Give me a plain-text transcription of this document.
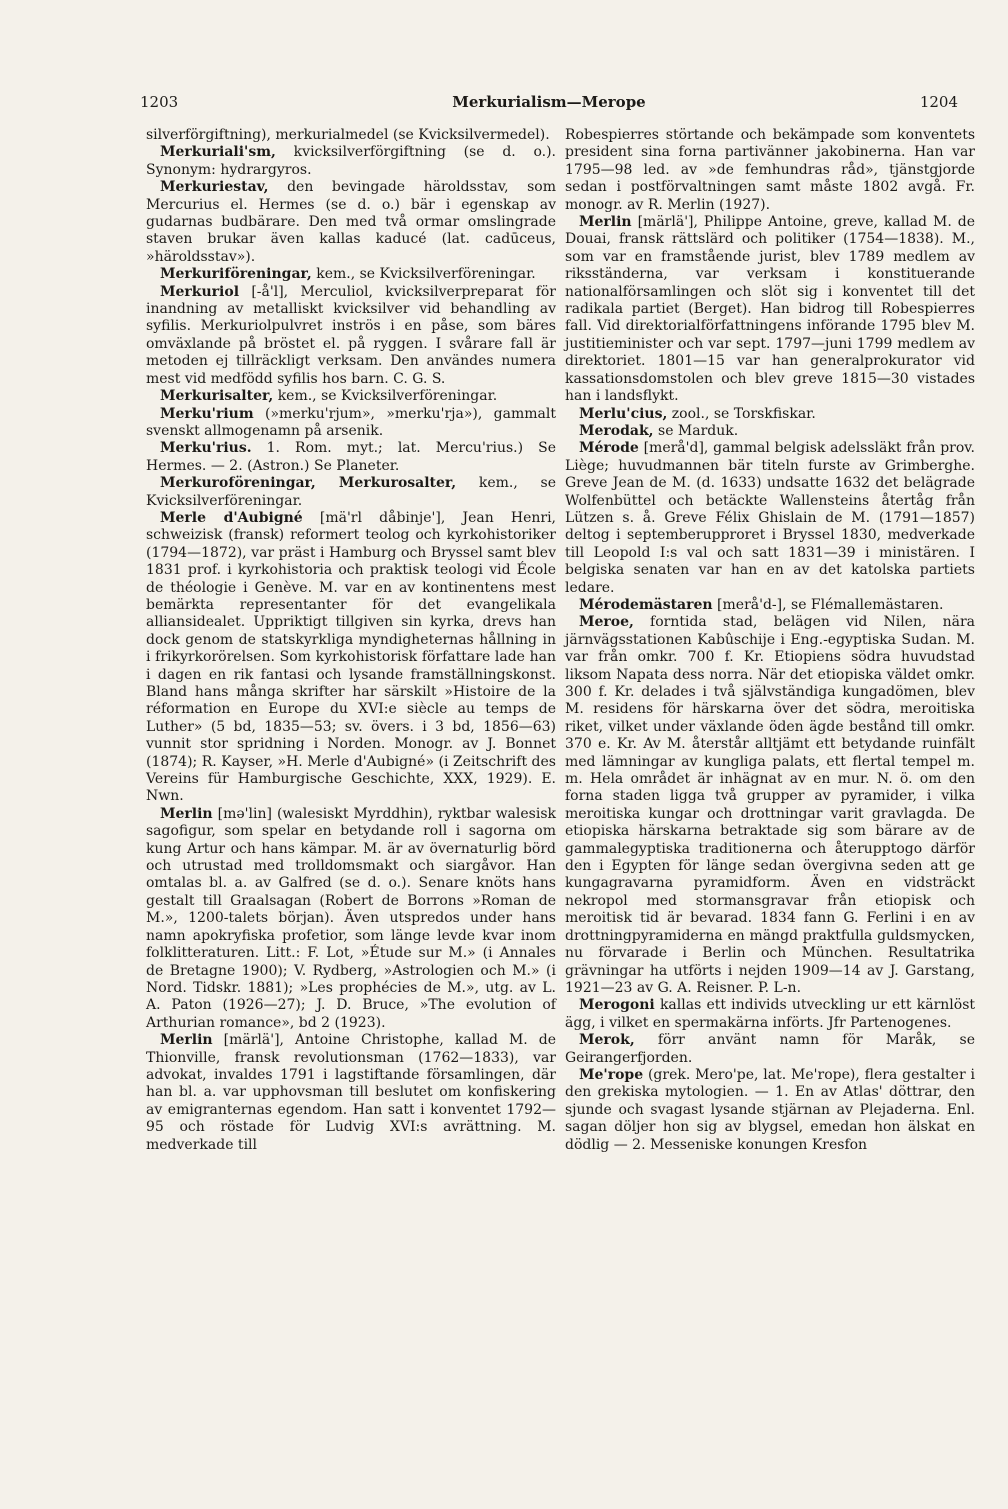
1203	Merkurialism—Merope	1204

silverförgiftning), merkurialmedel (se Kvicksilvermedel).

Merkuriali'sm, kvicksilverförgiftning (se d. o.). Synonym: hydrargyros.

Merkuriestav, den bevingade häroldsstav, som Mercurius el. Hermes (se d. o.) bär i egenskap av gudarnas budbärare. Den med två ormar omslingrade staven brukar även kallas kaducé (lat. cadūceus, »häroldsstav»).

Merkuriföreningar, kem., se Kvicksilverföreningar.

Merkuriol [-å'l], Merculiol, kvicksilverpreparat för inandning av metalliskt kvicksilver vid behandling av syfilis. Merkuriolpulvret inströs i en påse, som bäres omväxlande på bröstet el. på ryggen. I svårare fall är metoden ej tillräckligt verksam. Den användes numera mest vid medfödd syfilis hos barn. C. G. S.

Merkurisalter, kem., se Kvicksilverföreningar.

Merku'rium (»merku'rjum», »merku'rja»), gammalt svenskt allmogenamn på arsenik.

Merku'rius. 1. Rom. myt.; lat. Mercu'rius.) Se Hermes. — 2. (Astron.) Se Planeter.

Merkuroföreningar, Merkurosalter, kem., se Kvicksilverföreningar.

Merle d'Aubigné [mä'rl dåbinje'], Jean Henri, schweizisk (fransk) reformert teolog och kyrkohistoriker (1794—1872), var präst i Hamburg och Bryssel samt blev 1831 prof. i kyrkohistoria och praktisk teologi vid École de théologie i Genève. M. var en av kontinentens mest bemärkta representanter för det evangelikala alliansidealet. Uppriktigt tillgiven sin kyrka, drevs han dock genom de statskyrkliga myndigheternas hållning in i frikyrkorörelsen. Som kyrkohistorisk författare lade han i dagen en rik fantasi och lysande framställningskonst. Bland hans många skrifter har särskilt »Histoire de la réformation en Europe du XVI:e siècle au temps de Luther» (5 bd, 1835—53; sv. övers. i 3 bd, 1856—63) vunnit stor spridning i Norden. Monogr. av J. Bonnet (1874); R. Kayser, »H. Merle d'Aubigné» (i Zeitschrift des Vereins für Hamburgische Geschichte, XXX, 1929). E. Nwn.

Merlin [mə'lin] (walesiskt Myrddhin), ryktbar walesisk sagofigur, som spelar en betydande roll i sagorna om kung Artur och hans kämpar. M. är av övernaturlig börd och utrustad med trolldomsmakt och siargåvor. Han omtalas bl. a. av Galfred (se d. o.). Senare knöts hans gestalt till Graalsagan (Robert de Borrons »Roman de M.», 1200-talets början). Även utspredos under hans namn apokryfiska profetior, som länge levde kvar inom folklitteraturen. Litt.: F. Lot, »Étude sur M.» (i Annales de Bretagne 1900); V. Rydberg, »Astrologien och M.» (i Nord. Tidskr. 1881); »Les prophécies de M.», utg. av L. A. Paton (1926—27); J. D. Bruce, »The evolution of Arthurian romance», bd 2 (1923).

Merlin [märlä'], Antoine Christophe, kallad M. de Thionville, fransk revolutionsman (1762—1833), var advokat, invaldes 1791 i lagstiftande församlingen, där han bl. a. var upphovsman till beslutet om konfiskering av emigranternas egendom. Han satt i konventet 1792—95 och röstade för Ludvig XVI:s avrättning. M. medverkade till

Robespierres störtande och bekämpade som konventets president sina forna partivänner jakobinerna. Han var 1795—98 led. av »de femhundras råd», tjänstgjorde sedan i postförvaltningen samt måste 1802 avgå. Fr. monogr. av R. Merlin (1927).

Merlin [märlä'], Philippe Antoine, greve, kallad M. de Douai, fransk rättslärd och politiker (1754—1838). M., som var en framstående jurist, blev 1789 medlem av riksständerna, var verksam i konstituerande nationalförsamlingen och slöt sig i konventet till det radikala partiet (Berget). Han bidrog till Robespierres fall. Vid direktorialförfattningens införande 1795 blev M. justitieminister och var sept. 1797—juni 1799 medlem av direktoriet. 1801—15 var han generalprokurator vid kassationsdomstolen och blev greve 1815—30 vistades han i landsflykt.

Merlu'cius, zool., se Torskfiskar.

Merodak, se Marduk.

Mérode [merå'd], gammal belgisk adelssläkt från prov. Liège; huvudmannen bär titeln furste av Grimberghe. Greve Jean de M. (d. 1633) undsatte 1632 det belägrade Wolfenbüttel och betäckte Wallensteins återtåg från Lützen s. å. Greve Félix Ghislain de M. (1791—1857) deltog i septemberupproret i Bryssel 1830, medverkade till Leopold I:s val och satt 1831—39 i ministären. I belgiska senaten var han en av det katolska partiets ledare.

Mérodemästaren [merå'd-], se Flémallemästaren.

Meroe, forntida stad, belägen vid Nilen, nära järnvägsstationen Kabûschije i Eng.-egyptiska Sudan. M. var från omkr. 700 f. Kr. Etiopiens södra huvudstad liksom Napata dess norra. När det etiopiska väldet omkr. 300 f. Kr. delades i två självständiga kungadömen, blev M. residens för härskarna över det södra, meroitiska riket, vilket under växlande öden ägde bestånd till omkr. 370 e. Kr. Av M. återstår alltjämt ett betydande ruinfält med lämningar av kungliga palats, ett flertal tempel m. m. Hela området är inhägnat av en mur. N. ö. om den forna staden ligga två grupper av pyramider, i vilka meroitiska kungar och drottningar varit gravlagda. De etiopiska härskarna betraktade sig som bärare av de gammalegyptiska traditionerna och återupptogo därför den i Egypten för länge sedan övergivna seden att ge kungagravarna pyramidform. Även en vidsträckt nekropol med stormansgravar från etiopisk och meroitisk tid är bevarad. 1834 fann G. Ferlini i en av drottningpyramiderna en mängd praktfulla guldsmycken, nu förvarade i Berlin och München. Resultatrika grävningar ha utförts i nejden 1909—14 av J. Garstang, 1921—23 av G. A. Reisner. P. L-n.

Merogoni kallas ett individs utveckling ur ett kärnlöst ägg, i vilket en spermakärna införts. Jfr Partenogenes.

Merok, förr använt namn för Maråk, se Geirangerfjorden.

Me'rope (grek. Mero'pe, lat. Me'rope), flera gestalter i den grekiska mytologien. — 1. En av Atlas' döttrar, den sjunde och svagast lysande stjärnan av Plejaderna. Enl. sagan döljer hon sig av blygsel, emedan hon älskat en dödlig — 2. Messeniske konungen Kresfon
